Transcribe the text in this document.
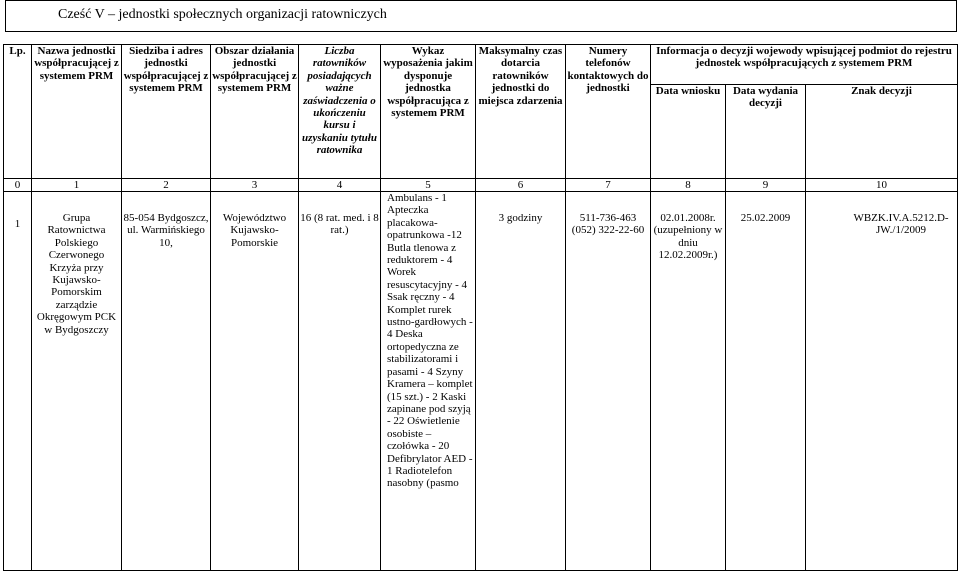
Cześć V – jednostki społecznych organizacji ratowniczych
Lp.	Nazwa jednostki współpracującej z systemem PRM	Siedziba i adres jednostki współpracującej z systemem PRM	Obszar działania jednostki współpracującej z systemem PRM	Liczba ratowników posiadających ważne zaświadczenia o ukończeniu kursu i uzyskaniu tytułu ratownika	Wykaz wyposażenia jakim dysponuje jednostka współpracująca z systemem PRM	Maksymalny czas dotarcia ratowników jednostki do miejsca zdarzenia	Numery telefonów kontaktowych do jednostki	Informacja o decyzji wojewody wpisującej podmiot do rejestru jednostek współpracujących z systemem PRM		
								Data wniosku	Data wydania decyzji	Znak decyzji
0	1	2	3	4	5	6	7	8	9	10
1	Grupa Ratownictwa Polskiego Czerwonego Krzyża przy Kujawsko-Pomorskim zarządzie Okręgowym PCK w Bydgoszczy	85-054 Bydgoszcz, ul. Warmińskiego 10,	Województwo Kujawsko-Pomorskie	16 (8 rat. med. i 8 rat.)	Ambulans - 1 Apteczka placakowa-opatrunkowa -12 Butla tlenowa z reduktorem - 4 Worek resuscytacyjny - 4 Ssak ręczny - 4 Komplet rurek ustno-gardłowych - 4 Deska ortopedyczna ze stabilizatorami i pasami - 4 Szyny Kramera – komplet (15 szt.) - 2 Kaski zapinane pod szyją - 22 Oświetlenie osobiste – czołówka - 20 Defibrylator AED - 1 Radiotelefon nasobny (pasmo	3 godziny	511-736-463 (052) 322-22-60	02.01.2008r. (uzupełniony w dniu 12.02.2009r.)	25.02.2009	WBZK.IV.A.5212.D-JW./1/2009
